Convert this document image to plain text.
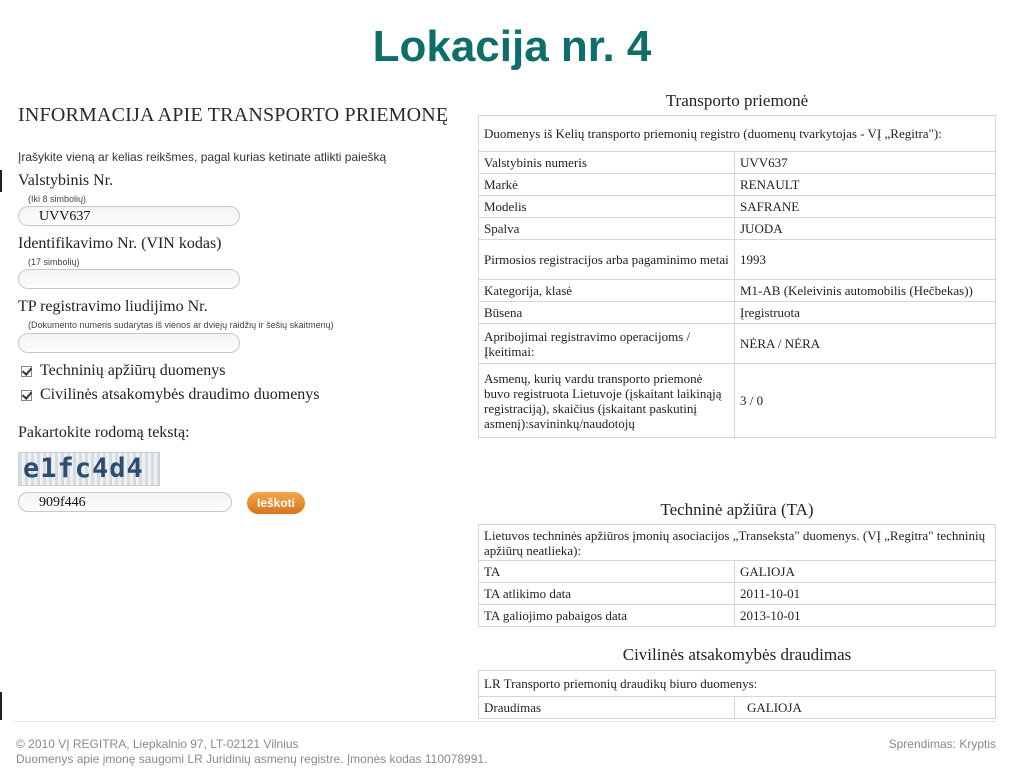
Lokacija nr. 4
INFORMACIJA APIE TRANSPORTO PRIEMONĘ
Įrašykite vieną ar kelias reikšmes, pagal kurias ketinate atlikti paiešką
Valstybinis Nr.
(Iki 8 simbolių)
UVV637
Identifikavimo Nr. (VIN kodas)
(17 simbolių)
TP registravimo liudijimo Nr.
(Dokumento numeris sudarytas iš vienos ar dviejų raidžių ir šešių skaitmenų)
Techninių apžiūrų duomenys
Civilinės atsakomybės draudimo duomenys
Pakartokite rodomą tekstą:
e1fc4d4
909f446	Ieškoti
Transporto priemonė
Duomenys iš Kelių transporto priemonių registro (duomenų tvarkytojas - VĮ „Regitra"):	
Valstybinis numeris	UVV637
Markė	RENAULT
Modelis	SAFRANE
Spalva	JUODA
Pirmosios registracijos arba pagaminimo metai	1993
Kategorija, klasė	M1-AB (Keleivinis automobilis (Hečbekas))
Būsena	Įregistruota
Apribojimai registravimo operacijoms / Įkeitimai:	NĖRA / NĖRA
Asmenų, kurių vardu transporto priemonė buvo registruota Lietuvoje (įskaitant laikinąją registraciją), skaičius (įskaitant paskutinį asmenį):savininkų/naudotojų	3 / 0
Techninė apžiūra (TA)
Lietuvos techninės apžiūros įmonių asociacijos „Transeksta" duomenys. (VĮ „Regitra" techninių apžiūrų neatlieka):	
TA	GALIOJA
TA atlikimo data	2011-10-01
TA galiojimo pabaigos data	2013-10-01
Civilinės atsakomybės draudimas
LR Transporto priemonių draudikų biuro duomenys:
Draudimas	GALIOJA
© 2010 VĮ REGITRA, Liepkalnio 97, LT-02121 Vilnius
Duomenys apie įmonę saugomi LR Juridinių asmenų registre. Įmonės kodas 110078991.
Sprendimas: Kryptis
